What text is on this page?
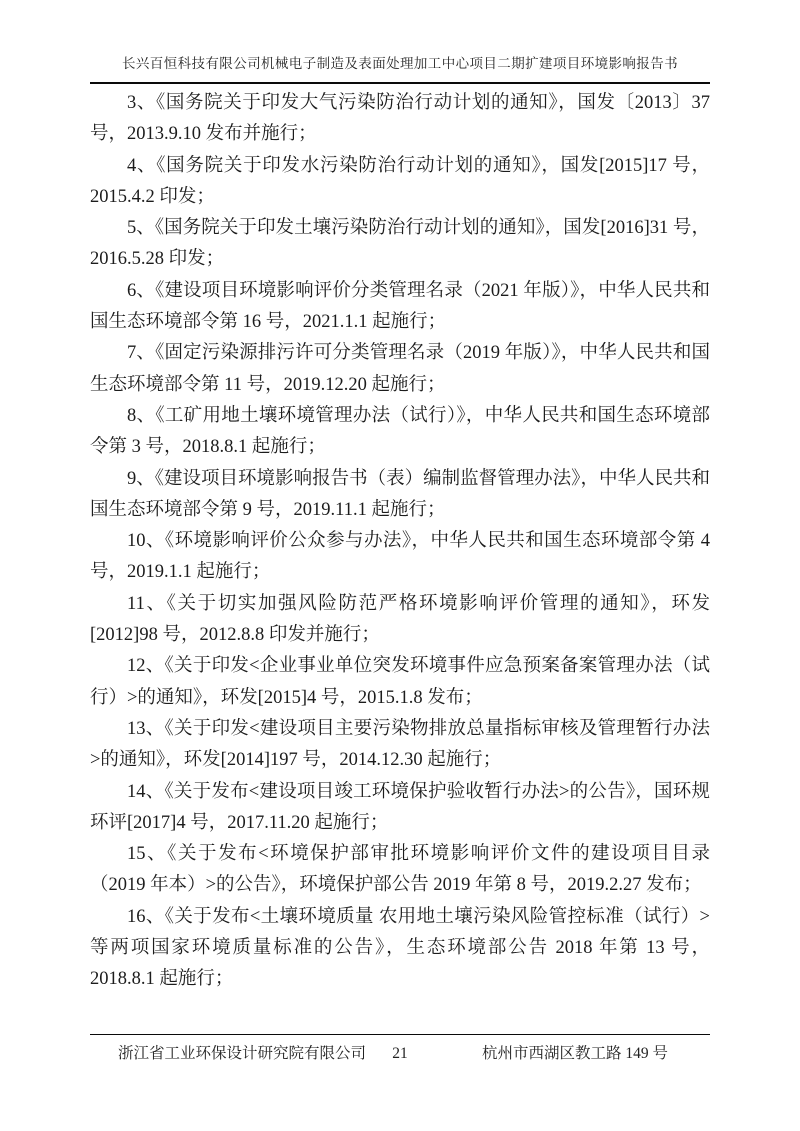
长兴百恒科技有限公司机械电子制造及表面处理加工中心项目二期扩建项目环境影响报告书

3、《国务院关于印发大气污染防治行动计划的通知》，国发〔2013〕37 号，2013.9.10 发布并施行；

4、《国务院关于印发水污染防治行动计划的通知》，国发[2015]17 号，2015.4.2 印发；

5、《国务院关于印发土壤污染防治行动计划的通知》，国发[2016]31 号，2016.5.28 印发；

6、《建设项目环境影响评价分类管理名录（2021 年版）》，中华人民共和国生态环境部令第 16 号，2021.1.1 起施行；

7、《固定污染源排污许可分类管理名录（2019 年版）》，中华人民共和国生态环境部令第 11 号，2019.12.20 起施行；

8、《工矿用地土壤环境管理办法（试行）》，中华人民共和国生态环境部令第 3 号，2018.8.1 起施行；

9、《建设项目环境影响报告书（表）编制监督管理办法》，中华人民共和国生态环境部令第 9 号，2019.11.1 起施行；

10、《环境影响评价公众参与办法》，中华人民共和国生态环境部令第 4 号，2019.1.1 起施行；

11、《关于切实加强风险防范严格环境影响评价管理的通知》，环发[2012]98 号，2012.8.8 印发并施行；

12、《关于印发<企业事业单位突发环境事件应急预案备案管理办法（试行）>的通知》，环发[2015]4 号，2015.1.8 发布；

13、《关于印发<建设项目主要污染物排放总量指标审核及管理暂行办法>的通知》，环发[2014]197 号，2014.12.30 起施行；

14、《关于发布<建设项目竣工环境保护验收暂行办法>的公告》，国环规环评[2017]4 号，2017.11.20 起施行；

15、《关于发布<环境保护部审批环境影响评价文件的建设项目目录（2019 年本）>的公告》，环境保护部公告 2019 年第 8 号，2019.2.27 发布；

16、《关于发布<土壤环境质量 农用地土壤污染风险管控标准（试行）>等两项国家环境质量标准的公告》，生态环境部公告 2018 年第 13 号，2018.8.1 起施行；

浙江省工业环保设计研究院有限公司	21	杭州市西湖区教工路 149 号
